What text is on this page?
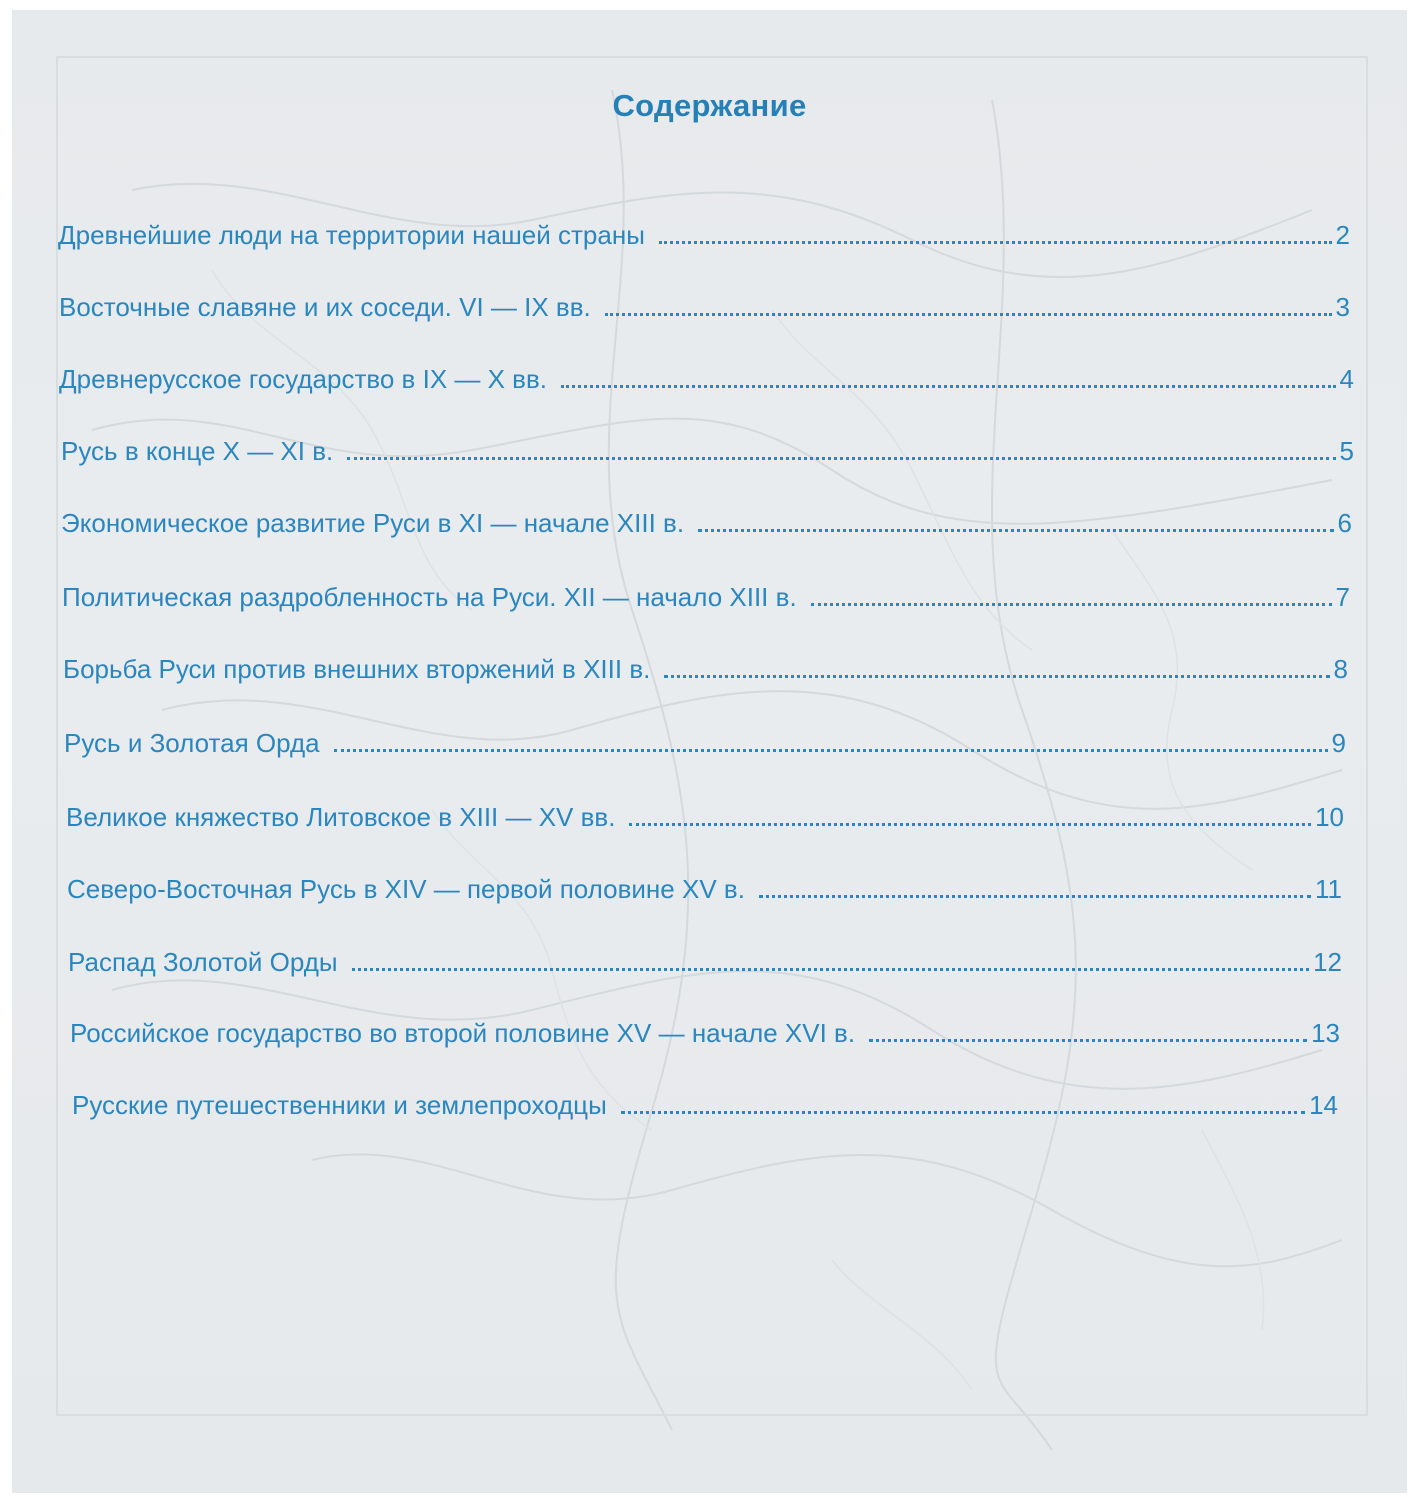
Содержание
Древнейшие люди на территории нашей страны	2
Восточные славяне и их соседи. VI — IX вв.	3
Древнерусское государство в IX — X вв.	4
Русь в конце X — XI в.	5
Экономическое развитие Руси в XI — начале XIII в.	6
Политическая раздробленность на Руси. XII — начало XIII в.	7
Борьба Руси против внешних вторжений в XIII в.	8
Русь и Золотая Орда	9
Великое княжество Литовское в XIII — XV вв.	10
Северо-Восточная Русь в XIV — первой половине XV в.	11
Распад Золотой Орды	12
Российское государство во второй половине XV — начале XVI в.	13
Русские путешественники и землепроходцы	14
